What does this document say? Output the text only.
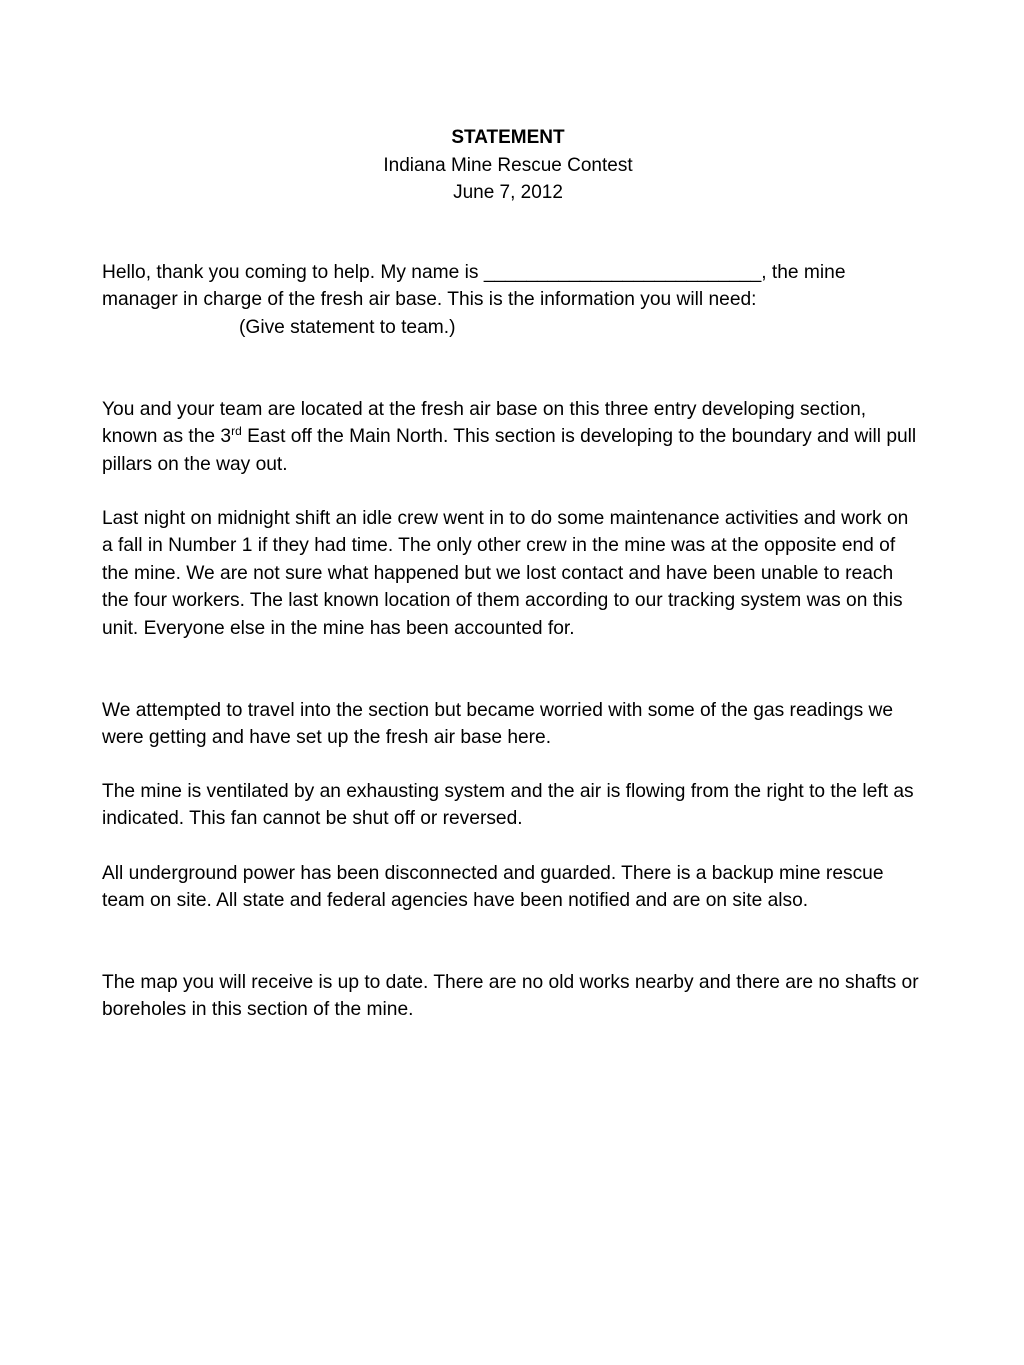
STATEMENT
Indiana Mine Rescue Contest
June 7, 2012

Hello, thank you coming to help. My name is __________________________, the mine manager in charge of the fresh air base. This is the information you will need:

(Give statement to team.)

You and your team are located at the fresh air base on this three entry developing section, known as the 3rd East off the Main North. This section is developing to the boundary and will pull pillars on the way out.

Last night on midnight shift an idle crew went in to do some maintenance activities and work on a fall in Number 1 if they had time. The only other crew in the mine was at the opposite end of the mine. We are not sure what happened but we lost contact and have been unable to reach the four workers. The last known location of them according to our tracking system was on this unit. Everyone else in the mine has been accounted for.

We attempted to travel into the section but became worried with some of the gas readings we were getting and have set up the fresh air base here.

The mine is ventilated by an exhausting system and the air is flowing from the right to the left as indicated. This fan cannot be shut off or reversed.

All underground power has been disconnected and guarded. There is a backup mine rescue team on site. All state and federal agencies have been notified and are on site also.

The map you will receive is up to date. There are no old works nearby and there are no shafts or boreholes in this section of the mine.
